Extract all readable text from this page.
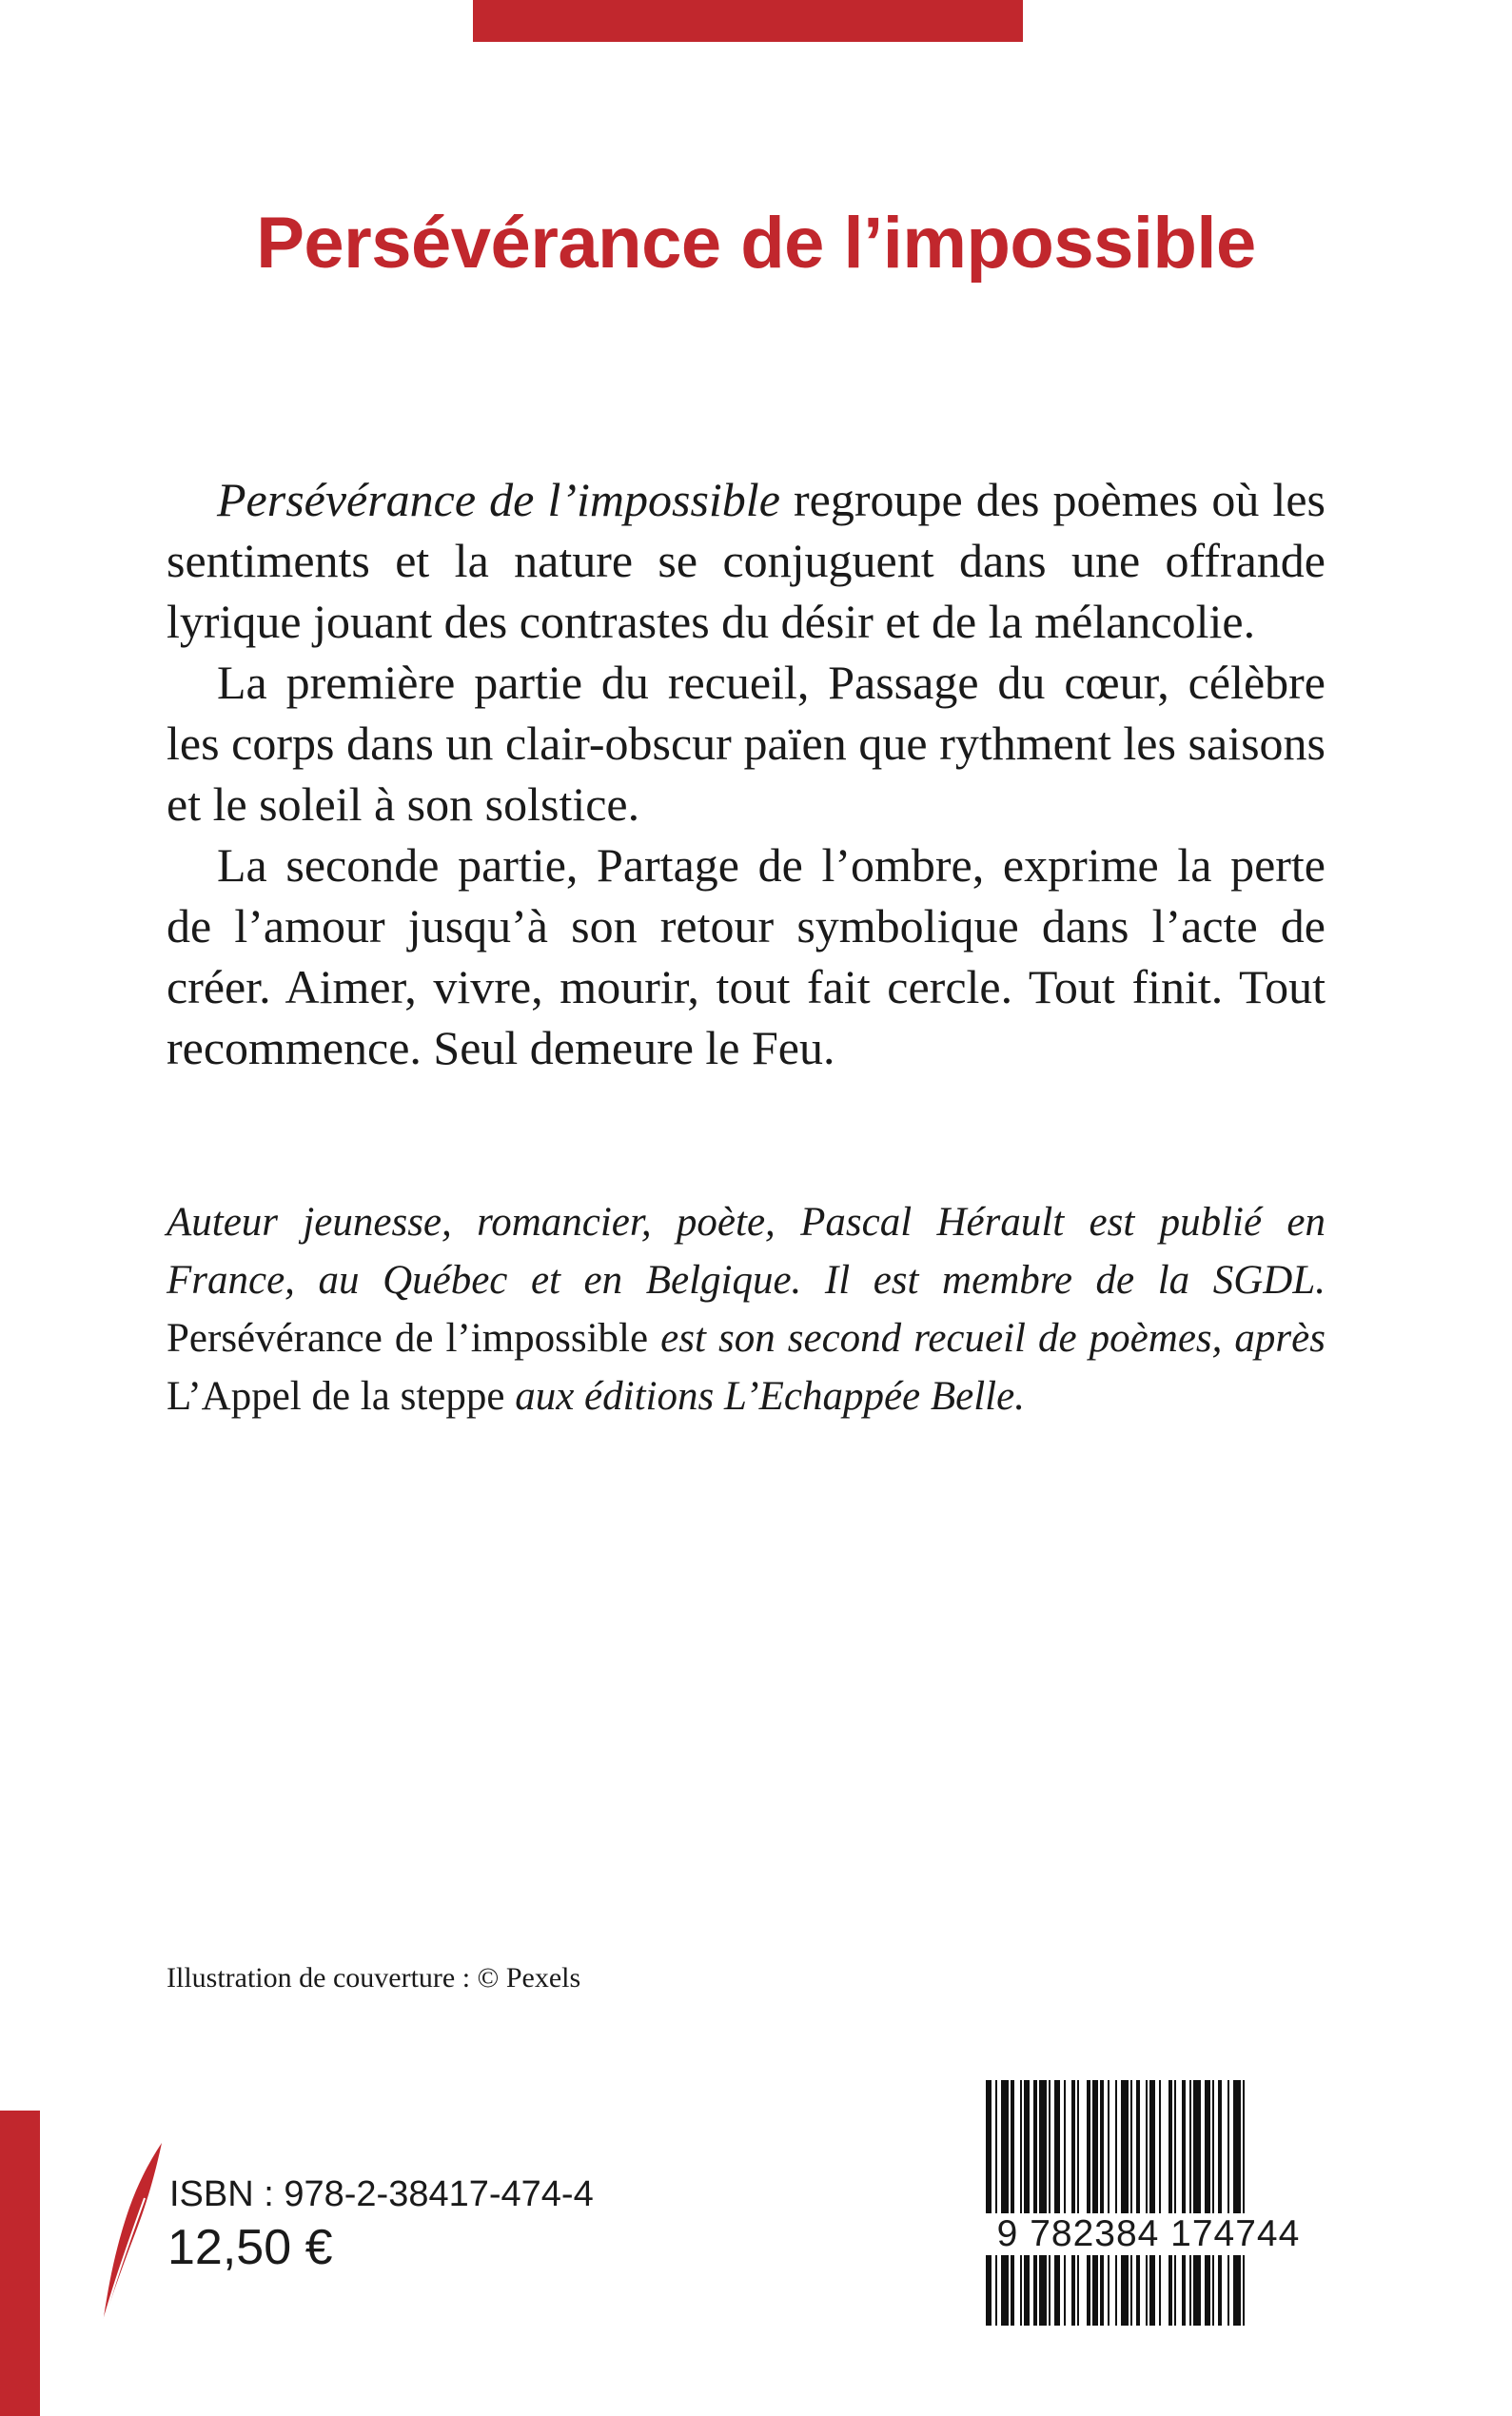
Persévérance de l’impossible

Persévérance de l’impossible regroupe des poèmes où les sentiments et la nature se conjuguent dans une offrande lyrique jouant des contrastes du désir et de la mélancolie.

La première partie du recueil, Passage du cœur, célèbre les corps dans un clair-obscur païen que rythment les saisons et le soleil à son solstice.

La seconde partie, Partage de l’ombre, exprime la perte de l’amour jusqu’à son retour symbolique dans l’acte de créer. Aimer, vivre, mourir, tout fait cercle. Tout finit. Tout recommence. Seul demeure le Feu.

Auteur jeunesse, romancier, poète, Pascal Hérault est publié en France, au Québec et en Belgique. Il est membre de la SGDL. Persévérance de l’impossible est son second recueil de poèmes, après L’Appel de la steppe aux éditions L’Echappée Belle.

Illustration de couverture : © Pexels
ISBN : 978-2-38417-474-4
12,50 €	9 782384 174744
